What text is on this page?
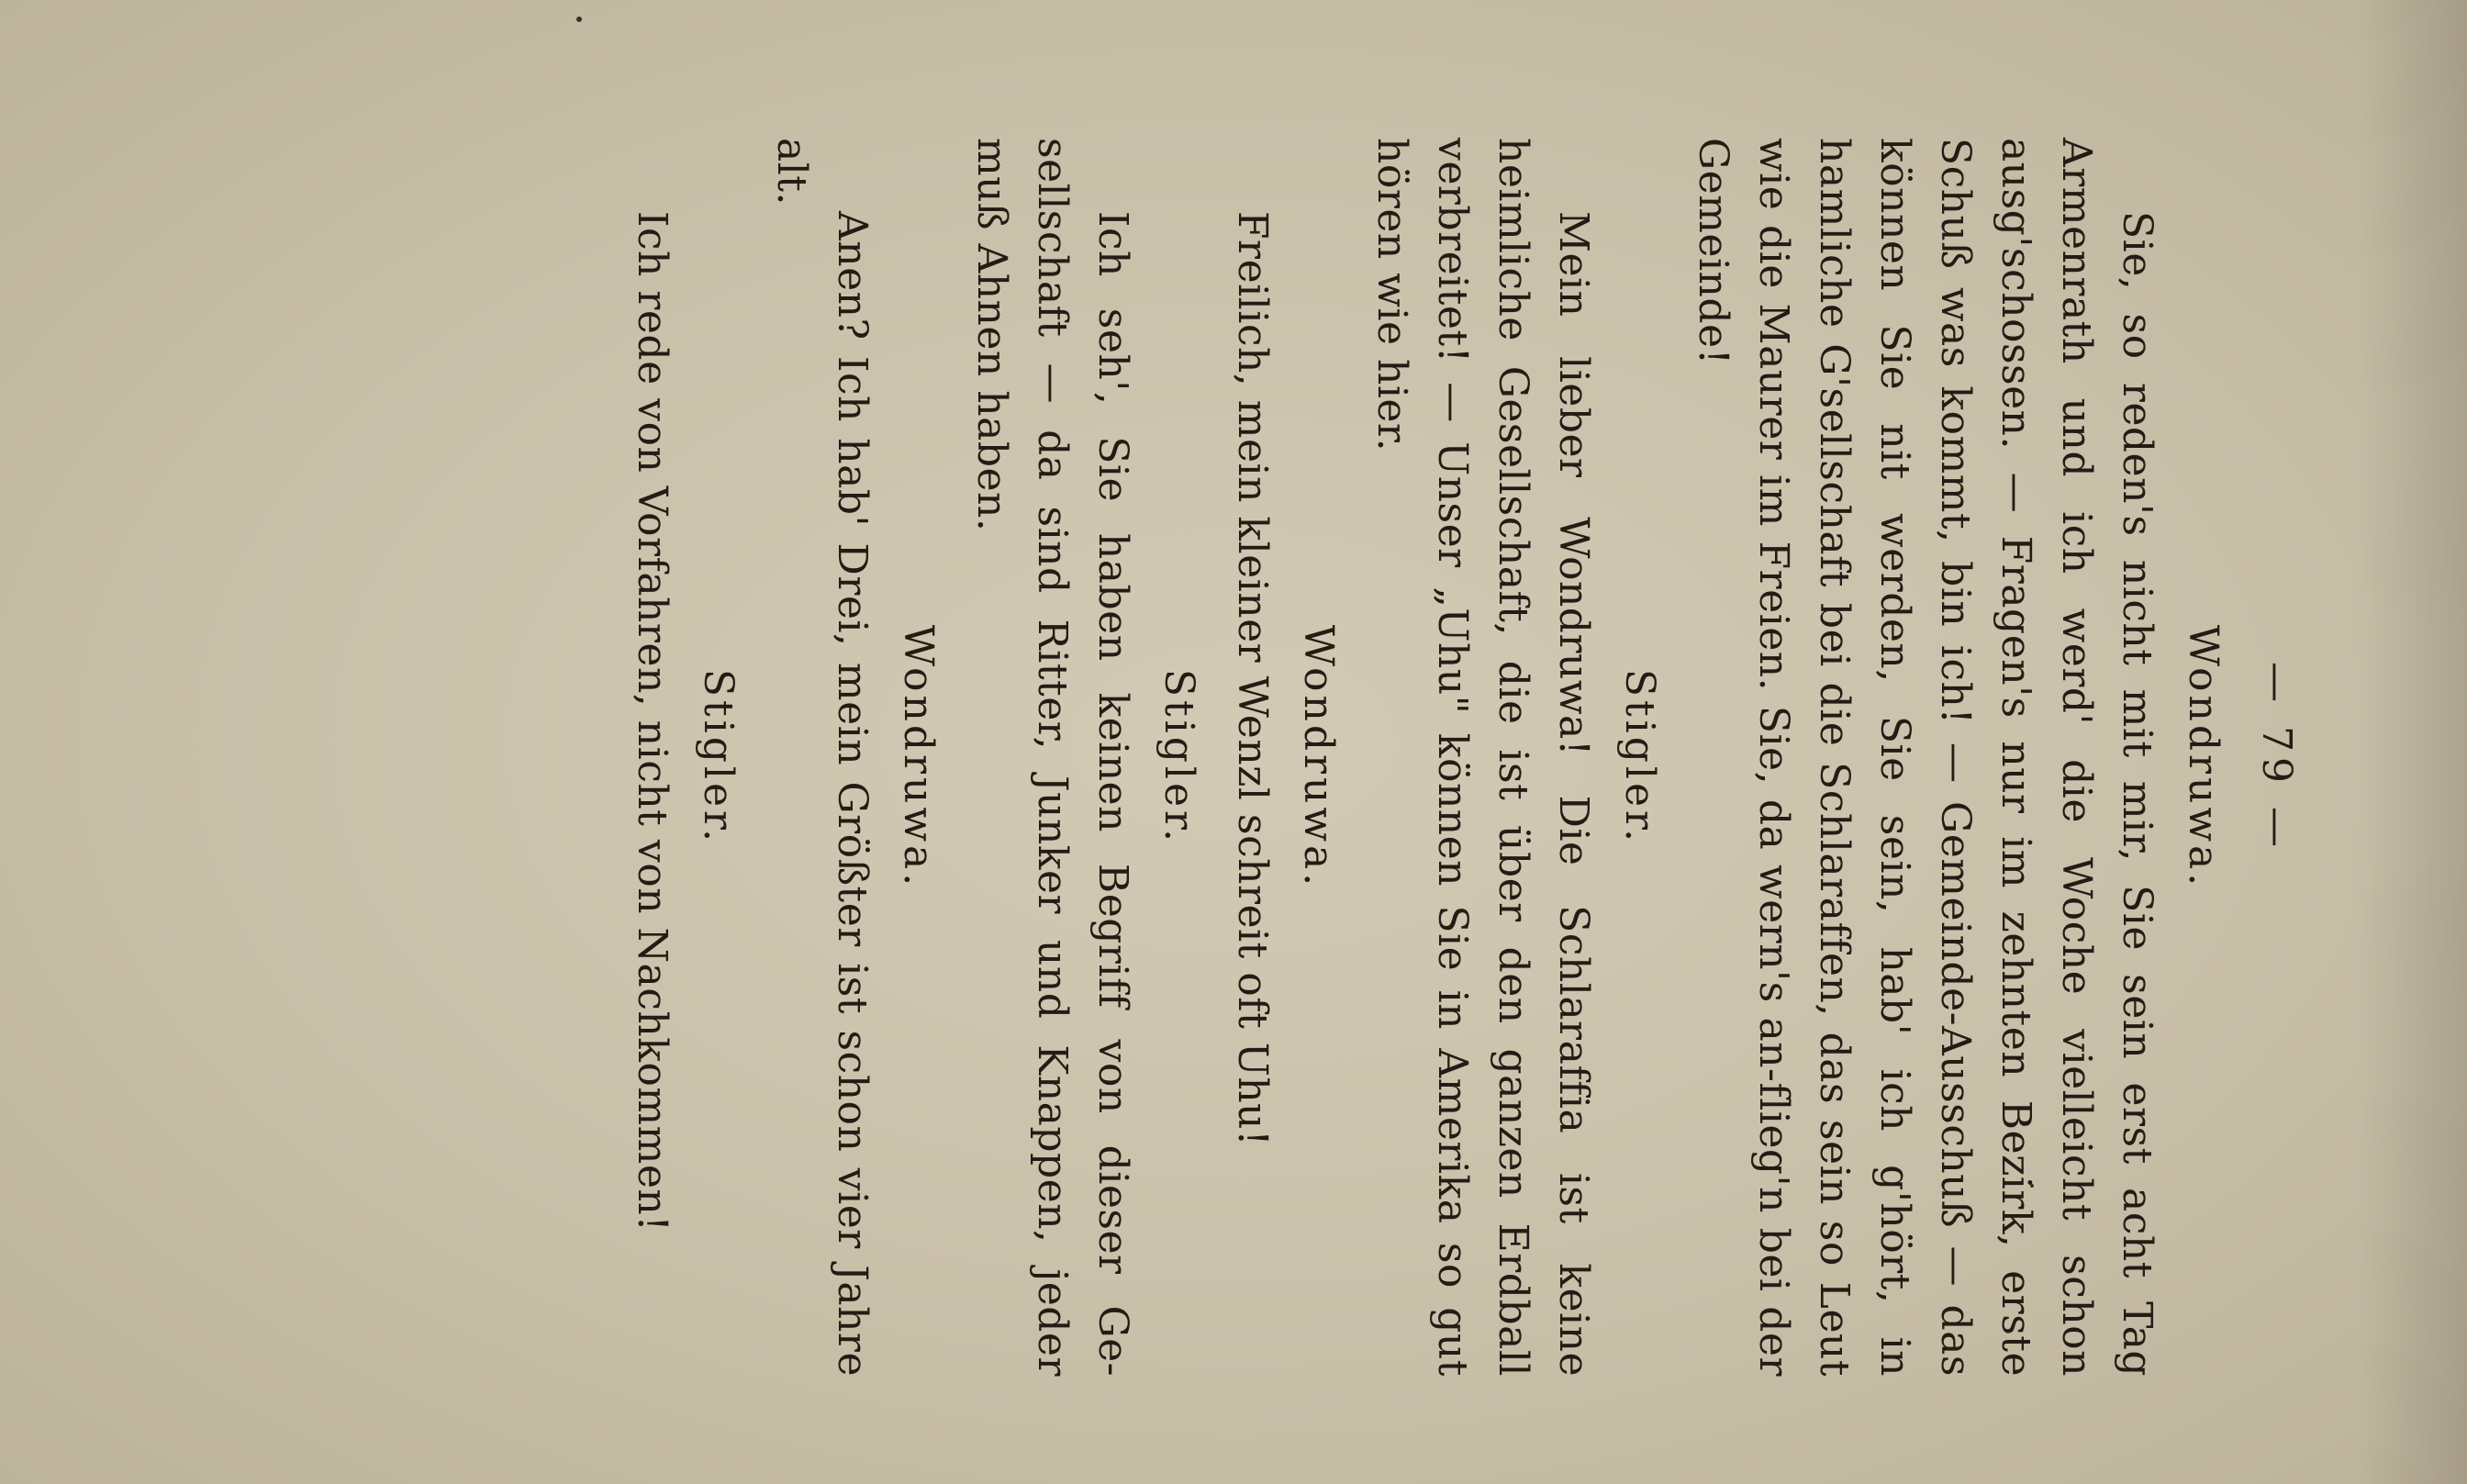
— 79 —
Wondruwa.

Sie, so reden's nicht mit mir, Sie sein erst acht Tag Armenrath und ich werd' die Woche vielleicht schon ausg'schossen. — Fragen's nur im zehnten Bezirk, erste Schuß was kommt, bin ich! — Gemeinde-Ausschuß — das können Sie nit werden, Sie sein, hab' ich g'hört, in hamliche G'sellschaft bei die Schlaraffen, das sein so Leut wie die Maurer im Freien. Sie, da wern's an-flieg'n bei der Gemeinde!

Stigler.

Mein lieber Wondruwa! Die Schlaraffia ist keine heimliche Gesellschaft, die ist über den ganzen Erdball verbreitet! — Unser „Uhu" können Sie in Amerika so gut hören wie hier.

Wondruwa.

Freilich, mein kleiner Wenzl schreit oft Uhu!

Stigler.

Ich seh', Sie haben keinen Begriff von dieser Ge-sellschaft — da sind Ritter, Junker und Knappen, jeder muß Ahnen haben.

Wondruwa.

Anen? Ich hab' Drei, mein Größter ist schon vier Jahre alt.

Stigler.

Ich rede von Vorfahren, nicht von Nachkommen!
